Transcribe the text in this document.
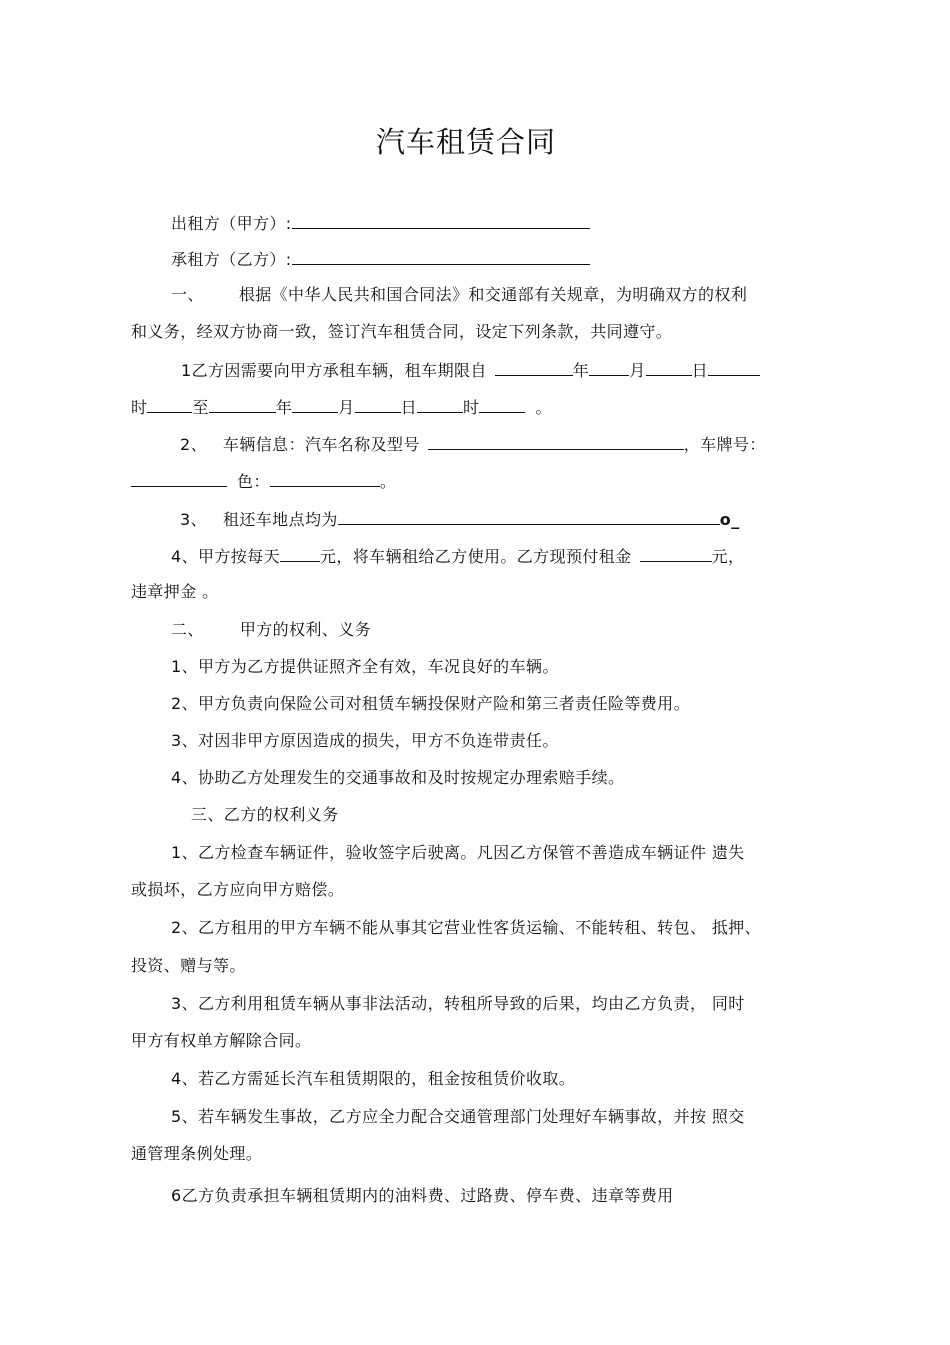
汽车租赁合同
出租方（甲方）:
承租方（乙方）:
一、 根据《中华人民共和国合同法》和交通部有关规章，为明确双方的权利
和义务，经双方协商一致，签订汽车租赁合同，设定下列条款，共同遵守。
1乙方因需要向甲方承租车辆，租车期限自	年	月	日
时	至	年	月	日	时	。
2、 车辆信息：汽车名称及型号	，车牌号：
色：	。
3、 租还车地点均为	o_
4、甲方按每天	元，将车辆租给乙方使用。乙方现预付租金	元，
违章押金 。
二、 甲方的权利、义务
1、甲方为乙方提供证照齐全有效，车况良好的车辆。
2、甲方负责向保险公司对租赁车辆投保财产险和第三者责任险等费用。
3、对因非甲方原因造成的损失，甲方不负连带责任。
4、协助乙方处理发生的交通事故和及时按规定办理索赔手续。
三、乙方的权利义务
1、乙方检查车辆证件，验收签字后驶离。凡因乙方保管不善造成车辆证件 遗失
或损坏，乙方应向甲方赔偿。
2、乙方租用的甲方车辆不能从事其它营业性客货运输、不能转租、转包、 抵押、
投资、赠与等。
3、乙方利用租赁车辆从事非法活动，转租所导致的后果，均由乙方负责， 同时
甲方有权单方解除合同。
4、若乙方需延长汽车租赁期限的，租金按租赁价收取。
5、若车辆发生事故，乙方应全力配合交通管理部门处理好车辆事故，并按 照交
通管理条例处理。
6乙方负责承担车辆租赁期内的油料费、过路费、停车费、违章等费用
